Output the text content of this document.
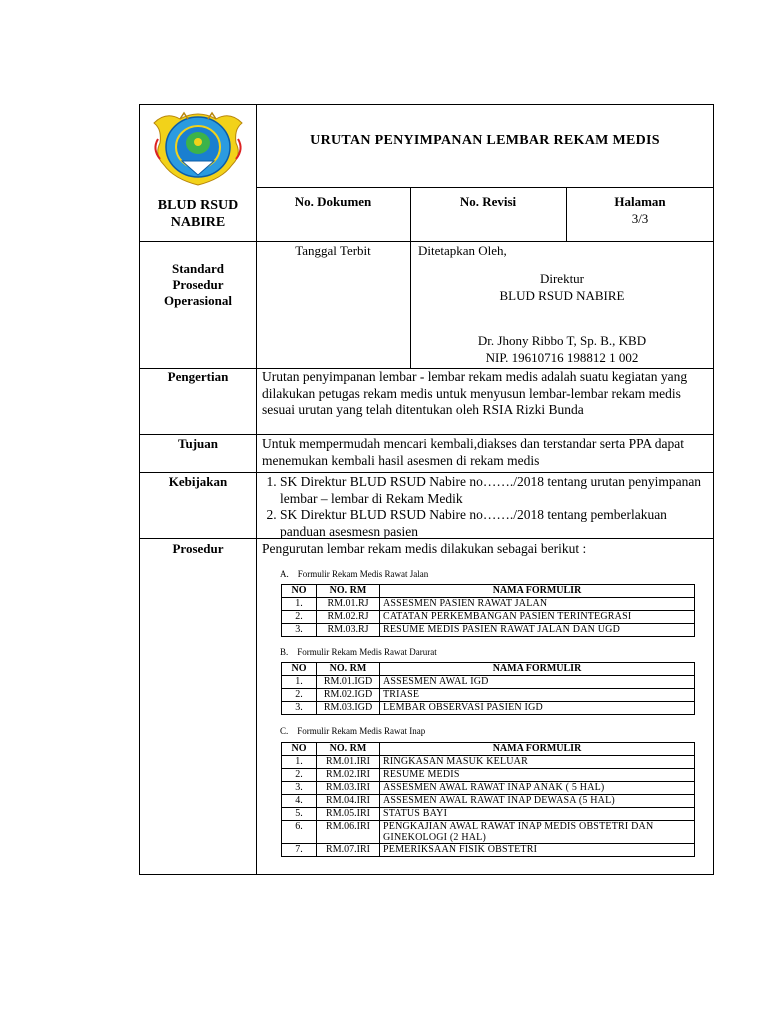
URUTAN PENYIMPANAN LEMBAR REKAM MEDIS
BLUD RSUD
NABIRE
No. Dokumen	No. Revisi	Halaman
3/3
Standard
Prosedur
Operasional
Tanggal Terbit	Ditetapkan Oleh,
Direktur
BLUD RSUD NABIRE
Dr. Jhony Ribbo T, Sp. B., KBD
NIP. 19610716 198812 1 002
Pengertian	Urutan penyimpanan lembar - lembar rekam medis adalah suatu kegiatan yang dilakukan petugas rekam medis untuk menyusun lembar-lembar rekam medis sesuai urutan yang telah ditentukan oleh RSIA Rizki Bunda
Tujuan	Untuk mempermudah mencari kembali,diakses dan terstandar serta PPA dapat menemukan kembali hasil asesmen di rekam medis
Kebijakan	1. SK Direktur BLUD RSUD Nabire no……./2018 tentang urutan penyimpanan lembar – lembar di Rekam Medik
2. SK Direktur BLUD RSUD Nabire no……./2018 tentang pemberlakuan panduan asesmesn pasien
Prosedur	Pengurutan lembar rekam medis dilakukan sebagai berikut :
A. Formulir Rekam Medis Rawat Jalan
NO	NO. RM	NAMA FORMULIR
1.	RM.01.RJ	ASSESMEN PASIEN RAWAT JALAN
2.	RM.02.RJ	CATATAN PERKEMBANGAN PASIEN TERINTEGRASI
3.	RM.03.RJ	RESUME MEDIS PASIEN RAWAT JALAN DAN UGD
B. Formulir Rekam Medis Rawat Darurat
NO	NO. RM	NAMA FORMULIR
1.	RM.01.IGD	ASSESMEN AWAL IGD
2.	RM.02.IGD	TRIASE
3.	RM.03.IGD	LEMBAR OBSERVASI PASIEN IGD
C. Formulir Rekam Medis Rawat Inap
NO	NO. RM	NAMA FORMULIR
1.	RM.01.IRI	RINGKASAN MASUK KELUAR
2.	RM.02.IRI	RESUME MEDIS
3.	RM.03.IRI	ASSESMEN AWAL RAWAT INAP ANAK ( 5 HAL)
4.	RM.04.IRI	ASSESMEN AWAL RAWAT INAP DEWASA (5 HAL)
5.	RM.05.IRI	STATUS BAYI
6.	RM.06.IRI	PENGKAJIAN AWAL RAWAT INAP MEDIS OBSTETRI DAN GINEKOLOGI (2 HAL)
7.	RM.07.IRI	PEMERIKSAAN FISIK OBSTETRI
